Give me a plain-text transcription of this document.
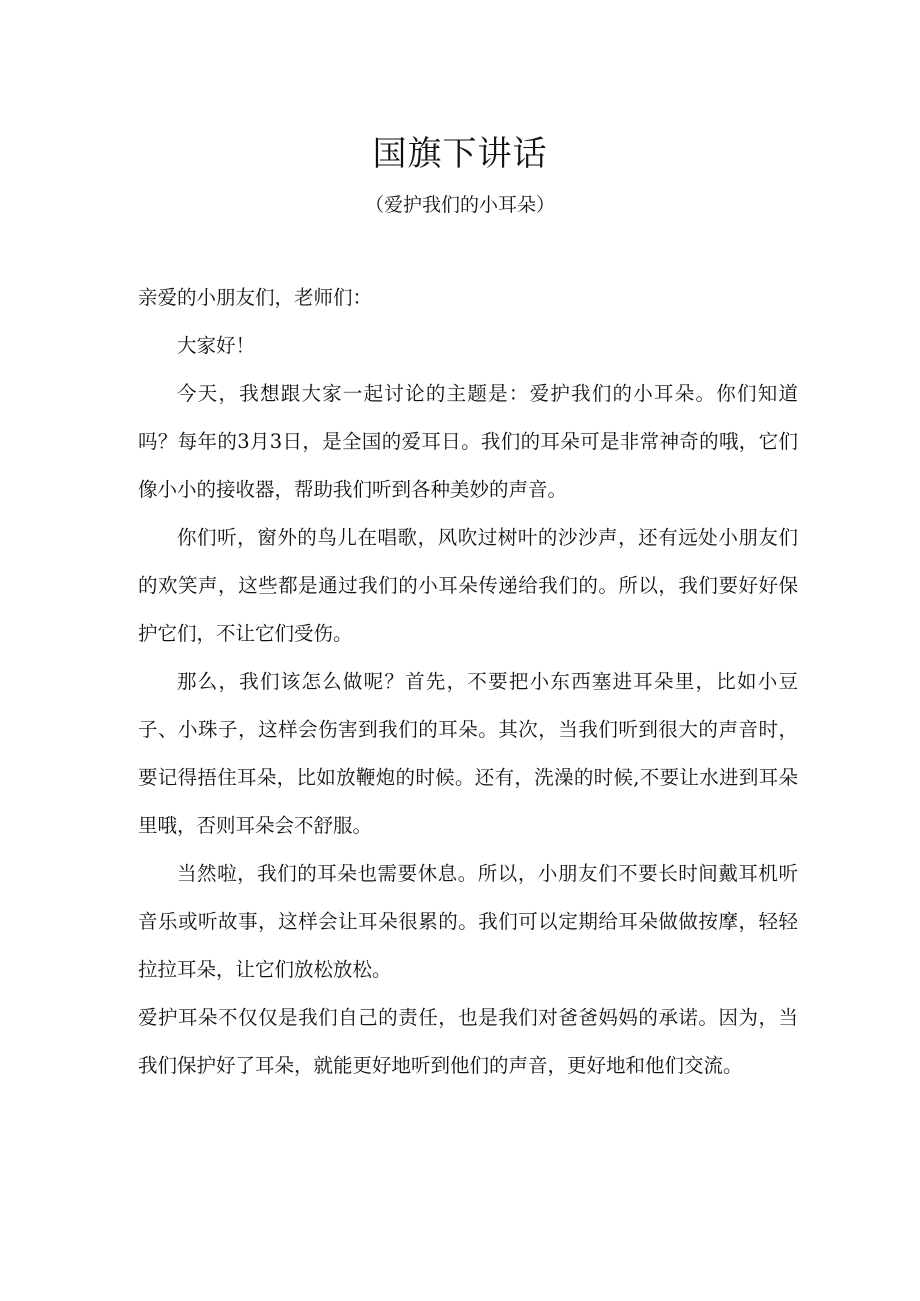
国旗下讲话
（爱护我们的小耳朵）

亲爱的小朋友们，老师们：

大家好！

今天，我想跟大家一起讨论的主题是：爱护我们的小耳朵。你们知道吗？每年的3月3日，是全国的爱耳日。我们的耳朵可是非常神奇的哦，它们像小小的接收器，帮助我们听到各种美妙的声音。

你们听，窗外的鸟儿在唱歌，风吹过树叶的沙沙声，还有远处小朋友们的欢笑声，这些都是通过我们的小耳朵传递给我们的。所以，我们要好好保护它们，不让它们受伤。

那么，我们该怎么做呢？首先，不要把小东西塞进耳朵里，比如小豆子、小珠子，这样会伤害到我们的耳朵。其次，当我们听到很大的声音时，要记得捂住耳朵，比如放鞭炮的时候。还有，洗澡的时候,不要让水进到耳朵里哦，否则耳朵会不舒服。

当然啦，我们的耳朵也需要休息。所以，小朋友们不要长时间戴耳机听音乐或听故事，这样会让耳朵很累的。我们可以定期给耳朵做做按摩，轻轻拉拉耳朵，让它们放松放松。

爱护耳朵不仅仅是我们自己的责任，也是我们对爸爸妈妈的承诺。因为，当我们保护好了耳朵，就能更好地听到他们的声音，更好地和他们交流。
